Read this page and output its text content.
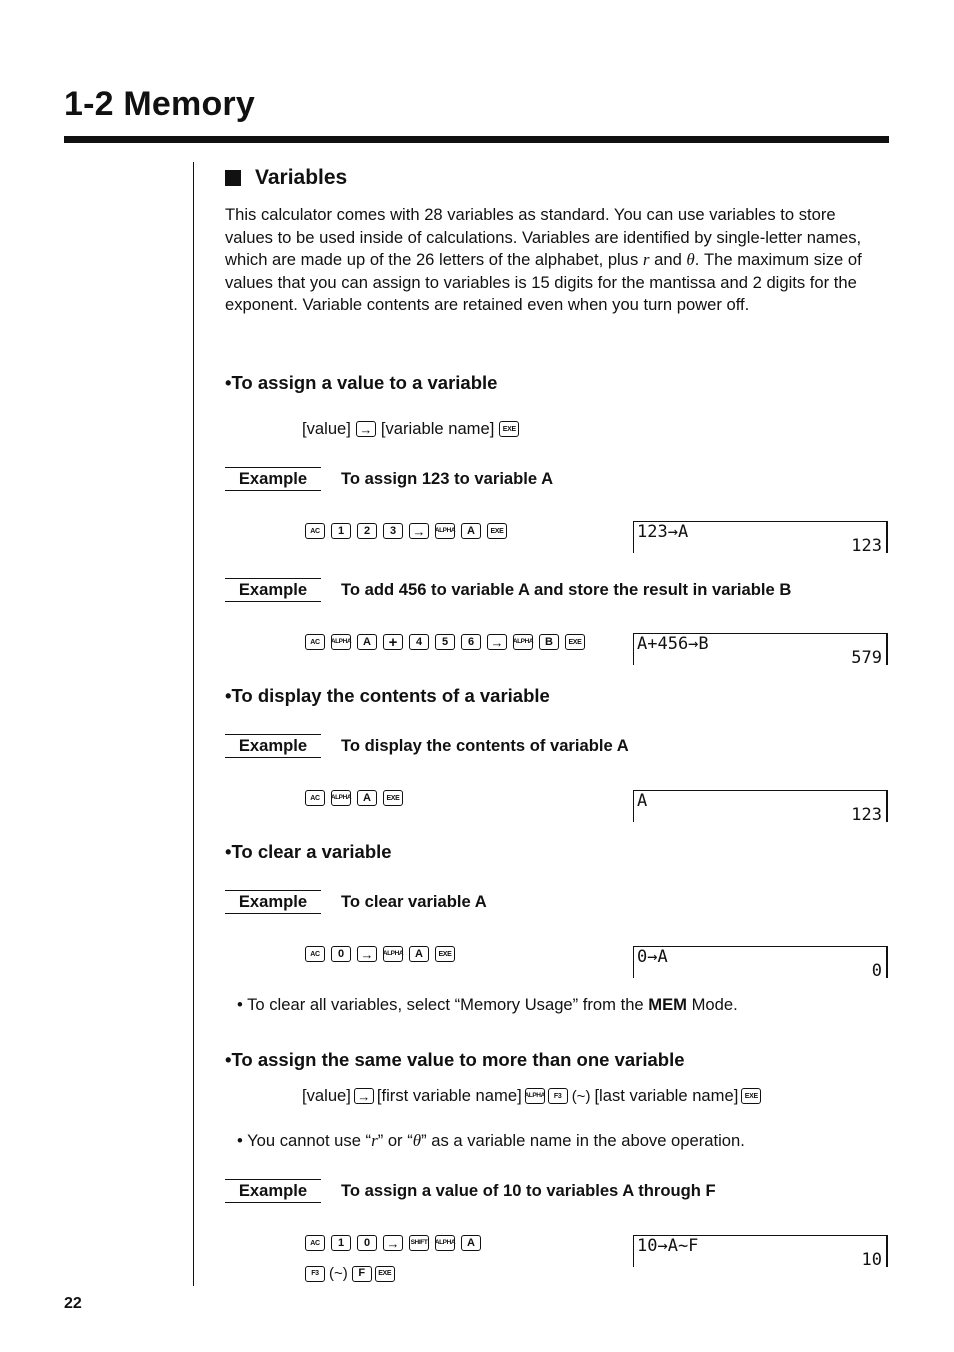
1-2 Memory
Variables

This calculator comes with 28 variables as standard. You can use variables to store values to be used inside of calculations. Variables are identified by single-letter names, which are made up of the 26 letters of the alphabet, plus r and θ. The maximum size of values that you can assign to variables is 15 digits for the mantissa and 2 digits for the exponent. Variable contents are retained even when you turn power off.

•To assign a value to a variable
[value] → [variable name]	EXE
Example	To assign 123 to variable A
AC	1	2	3	→	ALPHA	A	EXE	123→A
123
Example	To add 456 to variable A and store the result in variable B
AC	ALPHA	A	+	4	5	6	→	ALPHA	B	EXE	A+456→B
579
•To display the contents of a variable
Example	To display the contents of variable A
AC	ALPHA	A	EXE	A
123
•To clear a variable
Example	To clear variable A
AC	0	→	ALPHA	A	EXE	0→A
0
• To clear all variables, select “Memory Usage” from the MEM Mode.
•To assign the same value to more than one variable
[value] → [first variable name] ALPHA	F3 (~) [last variable name] EXE
• You cannot use “r” or “θ” as a variable name in the above operation.
Example	To assign a value of 10 to variables A through F
AC	1	0	→	SHIFT ALPHA	A
F3 (~) F	EXE
10→A~F
10
22
